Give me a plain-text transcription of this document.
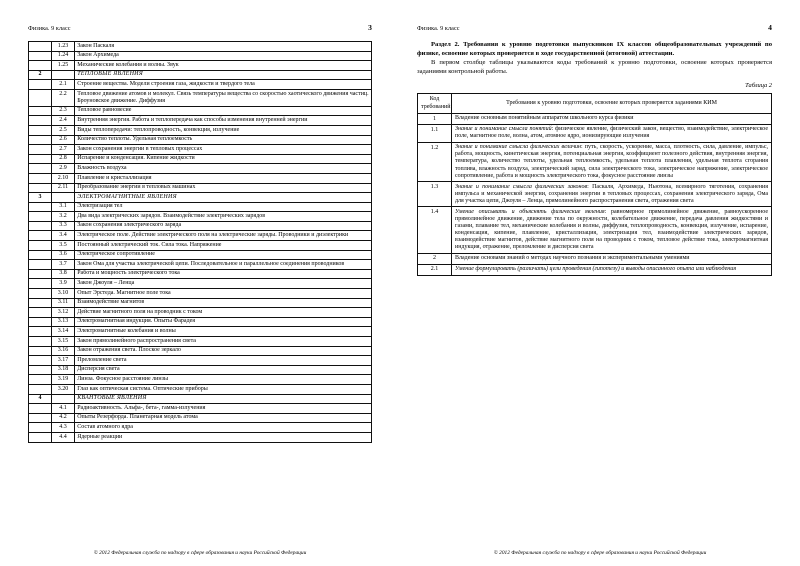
Физика. 9 класс	3
	1.23	Закон Паскаля
	1.24	Закон Архимеда
	1.25	Механические колебания и волны. Звук
2		ТЕПЛОВЫЕ ЯВЛЕНИЯ
	2.1	Строение вещества. Модели строения газа, жидкости и твердого тела
	2.2	Тепловое движение атомов и молекул. Связь температуры вещества со скоростью хаотического движения частиц. Броуновское движение. Диффузия
	2.3	Тепловое равновесие
	2.4	Внутренняя энергия. Работа и теплопередача как способы изменения внутренней энергии
	2.5	Виды теплопередачи: теплопроводность, конвекция, излучение
	2.6	Количество теплоты. Удельная теплоемкость
	2.7	Закон сохранения энергии в тепловых процессах
	2.8	Испарение и конденсация. Кипение жидкости
	2.9	Влажность воздуха
	2.10	Плавление и кристаллизация
	2.11	Преобразование энергии в тепловых машинах
3		ЭЛЕКТРОМАГНИТНЫЕ ЯВЛЕНИЯ
	3.1	Электризация тел
	3.2	Два вида электрических зарядов. Взаимодействие электрических зарядов
	3.3	Закон сохранения электрического заряда
	3.4	Электрическое поле. Действие электрического поля на электрические заряды. Проводники и диэлектрики
	3.5	Постоянный электрический ток. Сила тока. Напряжение
	3.6	Электрическое сопротивление
	3.7	Закон Ома для участка электрической цепи. Последовательное и параллельное соединения проводников
	3.8	Работа и мощность электрического тока
	3.9	Закон Джоуля – Ленца
	3.10	Опыт Эрстеда. Магнитное поле тока
	3.11	Взаимодействие магнитов
	3.12	Действие магнитного поля на проводник с током
	3.13	Электромагнитная индукция. Опыты Фарадея
	3.14	Электромагнитные колебания и волны
	3.15	Закон прямолинейного распространения света
	3.16	Закон отражения света. Плоское зеркало
	3.17	Преломление света
	3.18	Дисперсия света
	3.19	Линза. Фокусное расстояние линзы
	3.20	Глаз как оптическая система. Оптические приборы
4		КВАНТОВЫЕ ЯВЛЕНИЯ
	4.1	Радиоактивность. Альфа-, бета-, гамма-излучения
	4.2	Опыты Резерфорда. Планетарная модель атома
	4.3	Состав атомного ядра
	4.4	Ядерные реакции
© 2012 Федеральная служба по надзору в сфере образования и науки Российской Федерации
Физика. 9 класс	4

Раздел 2. Требования к уровню подготовки выпускников IX классов общеобразовательных учреждений по физике, освоение которых проверяется в ходе государственной (итоговой) аттестации.

В первом столбце таблицы указываются коды требований к уровню подготовки, освоение которых проверяется заданиями контрольной работы.

Таблица 2
Код требований	Требования к уровню подготовки, освоение которых проверяется заданиями КИМ
1	Владение основным понятийным аппаратом школьного курса физики
1.1	Знание и понимание смысла понятий: физическое явление, физический закон, вещество, взаимодействие, электрическое поле, магнитное поле, волна, атом, атомное ядро, ионизирующие излучения
1.2	Знание и понимание смысла физических величин: путь, скорость, ускорение, масса, плотность, сила, давление, импульс, работа, мощность, кинетическая энергия, потенциальная энергия, коэффициент полезного действия, внутренняя энергия, температура, количество теплоты, удельная теплоемкость, удельная теплота плавления, удельная теплота сгорания топлива, влажность воздуха, электрический заряд, сила электрического тока, электрическое напряжение, электрическое сопротивление, работа и мощность электрического тока, фокусное расстояние линзы
1.3	Знание и понимание смысла физических законов: Паскаля, Архимеда, Ньютона, всемирного тяготения, сохранения импульса и механической энергии, сохранения энергии в тепловых процессах, сохранения электрического заряда, Ома для участка цепи, Джоуля – Ленца, прямолинейного распространения света, отражения света
1.4	Умение описывать и объяснять физические явления: равномерное прямолинейное движение, равноускоренное прямолинейное движение, движение тела по окружности, колебательное движение, передача давления жидкостями и газами, плавание тел, механические колебания и волны, диффузия, теплопроводность, конвекция, излучение, испарение, конденсация, кипение, плавление, кристаллизация, электризация тел, взаимодействие электрических зарядов, взаимодействие магнитов, действие магнитного поля на проводник с током, тепловое действие тока, электромагнитная индукция, отражение, преломление и дисперсия света
2	Владение основами знаний о методах научного познания и экспериментальными умениями
2.1	Умение формулировать (различать) цели проведения (гипотезу) и выводы описанного опыта или наблюдения
© 2012 Федеральная служба по надзору в сфере образования и науки Российской Федерации
